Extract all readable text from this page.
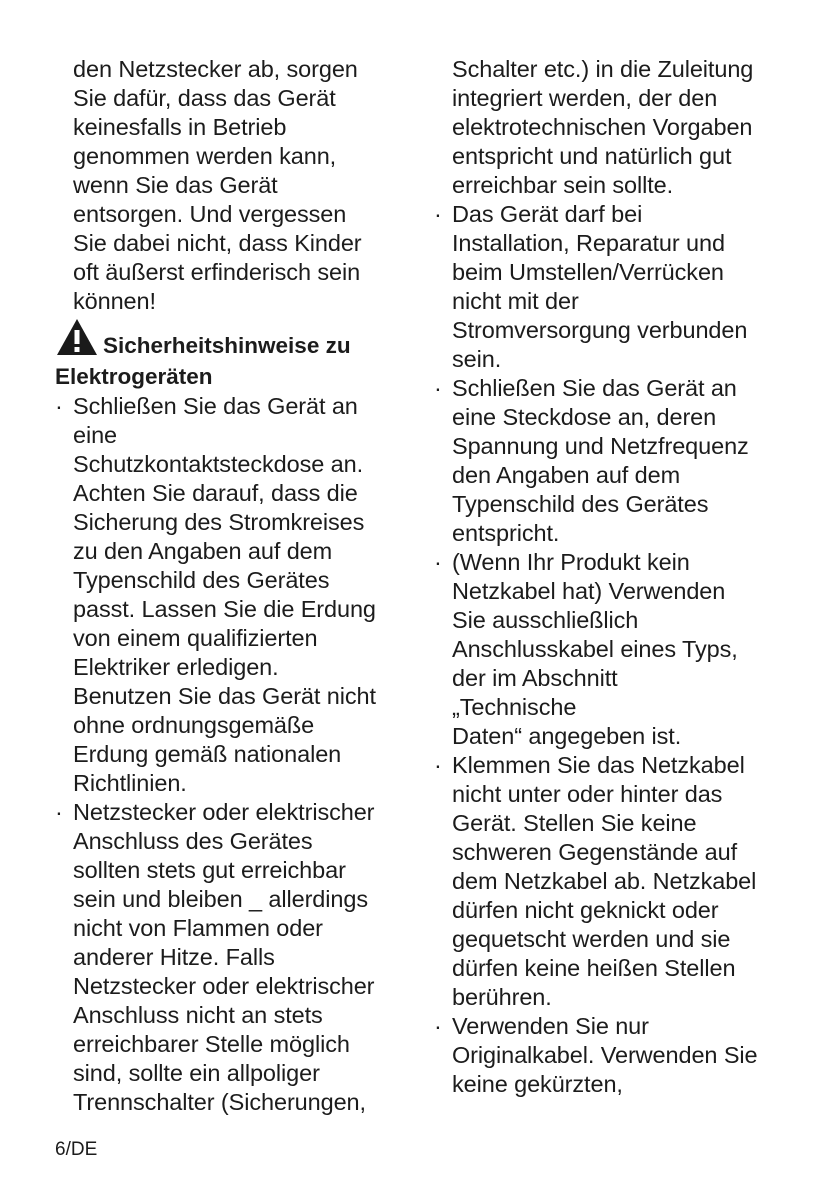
den Netzstecker ab, sorgen
Sie dafür, dass das Gerät
keinesfalls in Betrieb
genommen werden kann,
wenn Sie das Gerät
entsorgen. Und vergessen
Sie dabei nicht, dass Kinder
oft äußerst erfinderisch sein
können!
Sicherheitshinweise zu
Elektrogeräten
· Schließen Sie das Gerät an
eine
Schutzkontaktsteckdose an.
Achten Sie darauf, dass die
Sicherung des Stromkreises
zu den Angaben auf dem
Typenschild des Gerätes
passt. Lassen Sie die Erdung
von einem qualifizierten
Elektriker erledigen.
Benutzen Sie das Gerät nicht
ohne ordnungsgemäße
Erdung gemäß nationalen
Richtlinien.
· Netzstecker oder elektrischer
Anschluss des Gerätes
sollten stets gut erreichbar
sein und bleiben _ allerdings
nicht von Flammen oder
anderer Hitze. Falls
Netzstecker oder elektrischer
Anschluss nicht an stets
erreichbarer Stelle möglich
sind, sollte ein allpoliger
Trennschalter (Sicherungen,
Schalter etc.) in die Zuleitung
integriert werden, der den
elektrotechnischen Vorgaben
entspricht und natürlich gut
erreichbar sein sollte.
· Das Gerät darf bei
Installation, Reparatur und
beim Umstellen/Verrücken
nicht mit der
Stromversorgung verbunden
sein.
· Schließen Sie das Gerät an
eine Steckdose an, deren
Spannung und Netzfrequenz
den Angaben auf dem
Typenschild des Gerätes
entspricht.
· (Wenn Ihr Produkt kein
Netzkabel hat) Verwenden
Sie ausschließlich
Anschlusskabel eines Typs,
der im Abschnitt
„Technische
Daten“ angegeben ist.
· Klemmen Sie das Netzkabel
nicht unter oder hinter das
Gerät. Stellen Sie keine
schweren Gegenstände auf
dem Netzkabel ab. Netzkabel
dürfen nicht geknickt oder
gequetscht werden und sie
dürfen keine heißen Stellen
berühren.
· Verwenden Sie nur
Originalkabel. Verwenden Sie
keine gekürzten,
6/DE
